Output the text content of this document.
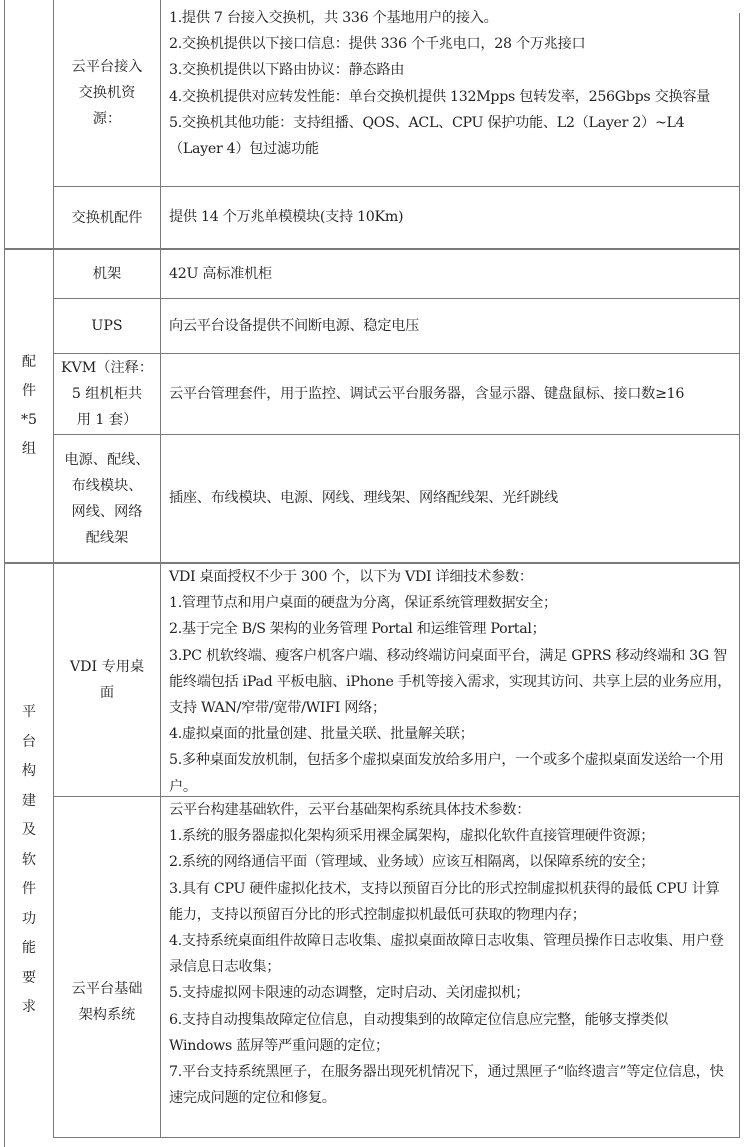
云平台接入
交换机资
源：
1.提供 7 台接入交换机，共 336 个基地用户的接入。
2.交换机提供以下接口信息：提供 336 个千兆电口，28 个万兆接口
3.交换机提供以下路由协议：静态路由
4.交换机提供对应转发性能：单台交换机提供 132Mpps 包转发率，256Gbps 交换容量
5.交换机其他功能：支持组播、QOS、ACL、CPU 保护功能、L2（Layer 2）~L4（Layer 4）包过滤功能
交换机配件 提供 14 个万兆单模模块(支持 10Km)
配
件
*5
组
机架	42U 高标准机柜
UPS	向云平台设备提供不间断电源、稳定电压
KVM（注释：
5 组机柜共
用 1 套）
云平台管理套件，用于监控、调试云平台服务器，含显示器、键盘鼠标、接口数≥16
电源、配线、
布线模块、
网线、网络
配线架
插座、布线模块、电源、网线、理线架、网络配线架、光纤跳线
平
台
构
建
及
软
件
功
能
要
求
VDI 专用桌
面
VDI 桌面授权不少于 300 个，以下为 VDI 详细技术参数：
1.管理节点和用户桌面的硬盘为分离，保证系统管理数据安全；
2.基于完全 B/S 架构的业务管理 Portal 和运维管理 Portal；
3.PC 机软终端、瘦客户机客户端、移动终端访问桌面平台，满足 GPRS 移动终端和 3G 智能终端包括 iPad 平板电脑、iPhone 手机等接入需求，实现其访问、共享上层的业务应用，支持 WAN/窄带/宽带/WIFI 网络；
4.虚拟桌面的批量创建、批量关联、批量解关联；
5.多种桌面发放机制，包括多个虚拟桌面发放给多用户，一个或多个虚拟桌面发送给一个用户。
云平台基础
架构系统
云平台构建基础软件，云平台基础架构系统具体技术参数：
1.系统的服务器虚拟化架构须采用裸金属架构，虚拟化软件直接管理硬件资源；
2.系统的网络通信平面（管理域、业务域）应该互相隔离，以保障系统的安全；
3.具有 CPU 硬件虚拟化技术，支持以预留百分比的形式控制虚拟机获得的最低 CPU 计算能力，支持以预留百分比的形式控制虚拟机最低可获取的物理内存；
4.支持系统桌面组件故障日志收集、虚拟桌面故障日志收集、管理员操作日志收集、用户登录信息日志收集；
5.支持虚拟网卡限速的动态调整，定时启动、关闭虚拟机；
6.支持自动搜集故障定位信息，自动搜集到的故障定位信息应完整，能够支撑类似 Windows 蓝屏等严重问题的定位；
7.平台支持系统黑匣子，在服务器出现死机情况下，通过黑匣子“临终遗言”等定位信息，快速完成问题的定位和修复。
